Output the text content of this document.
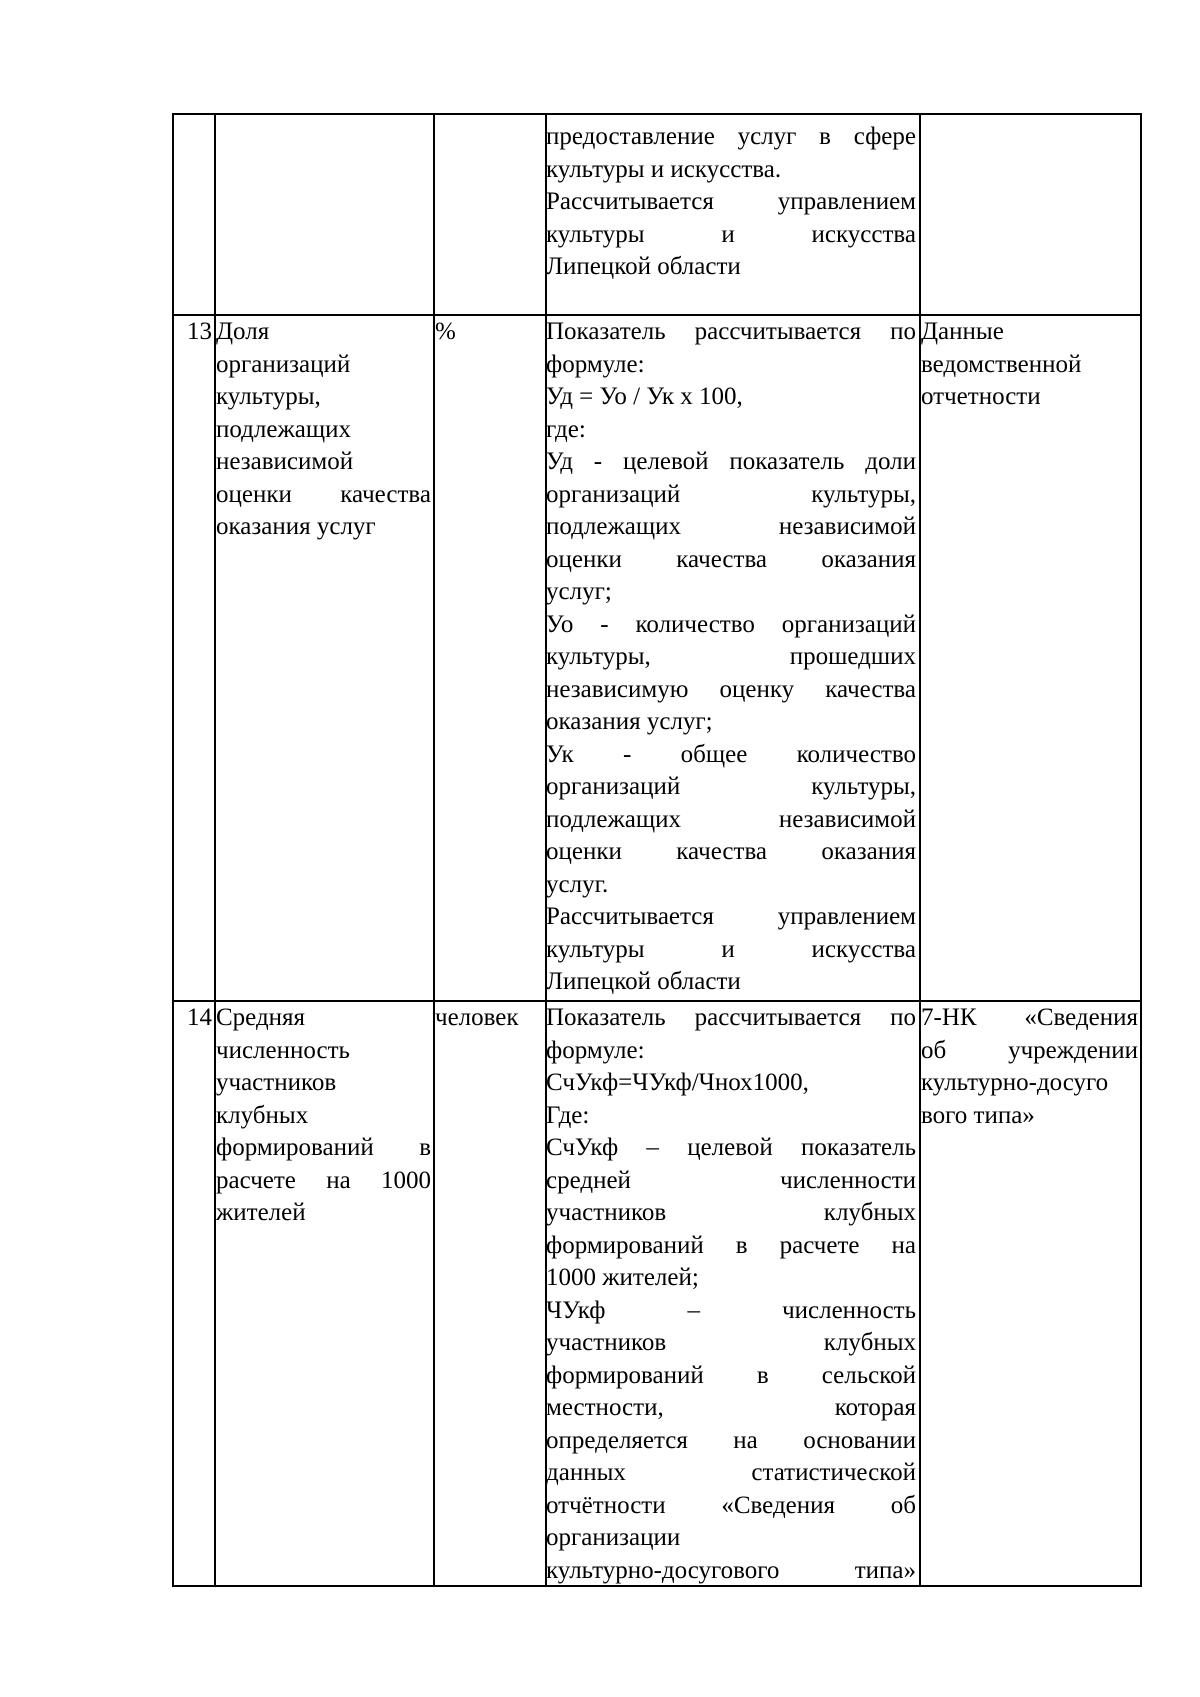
предоставление услуг в сфере
культуры и искусства.
Рассчитывается управлением
культуры и искусства
Липецкой области
13 Доля
организаций
культуры,
подлежащих
независимой
оценки качества
оказания услуг
%	Показатель рассчитывается по
формуле:
Уд = Уо / Ук x 100,
где:
Уд - целевой показатель доли
организаций культуры,
подлежащих независимой
оценки качества оказания
услуг;
Уо - количество организаций
культуры, прошедших
независимую оценку качества
оказания услуг;
Ук - общее количество
организаций культуры,
подлежащих независимой
оценки качества оказания
услуг.
Рассчитывается управлением
культуры и искусства
Липецкой области
Данные
ведомственной
отчетности
14 Средняя
численность
участников
клубных
формирований в
расчете на 1000
жителей
человек	Показатель рассчитывается по
формуле:
СчУкф=ЧУкф/Чнох1000,
Где:
СчУкф – целевой показатель
средней численности
участников клубных
формирований в расчете на
1000 жителей;
ЧУкф – численность
участников клубных
формирований в сельской
местности, которая
определяется на основании
данных статистической
отчётности «Сведения об
организации
культурно-досугового типа»
7-НК «Сведения
об учреждении
культурно-досуго
вого типа»
